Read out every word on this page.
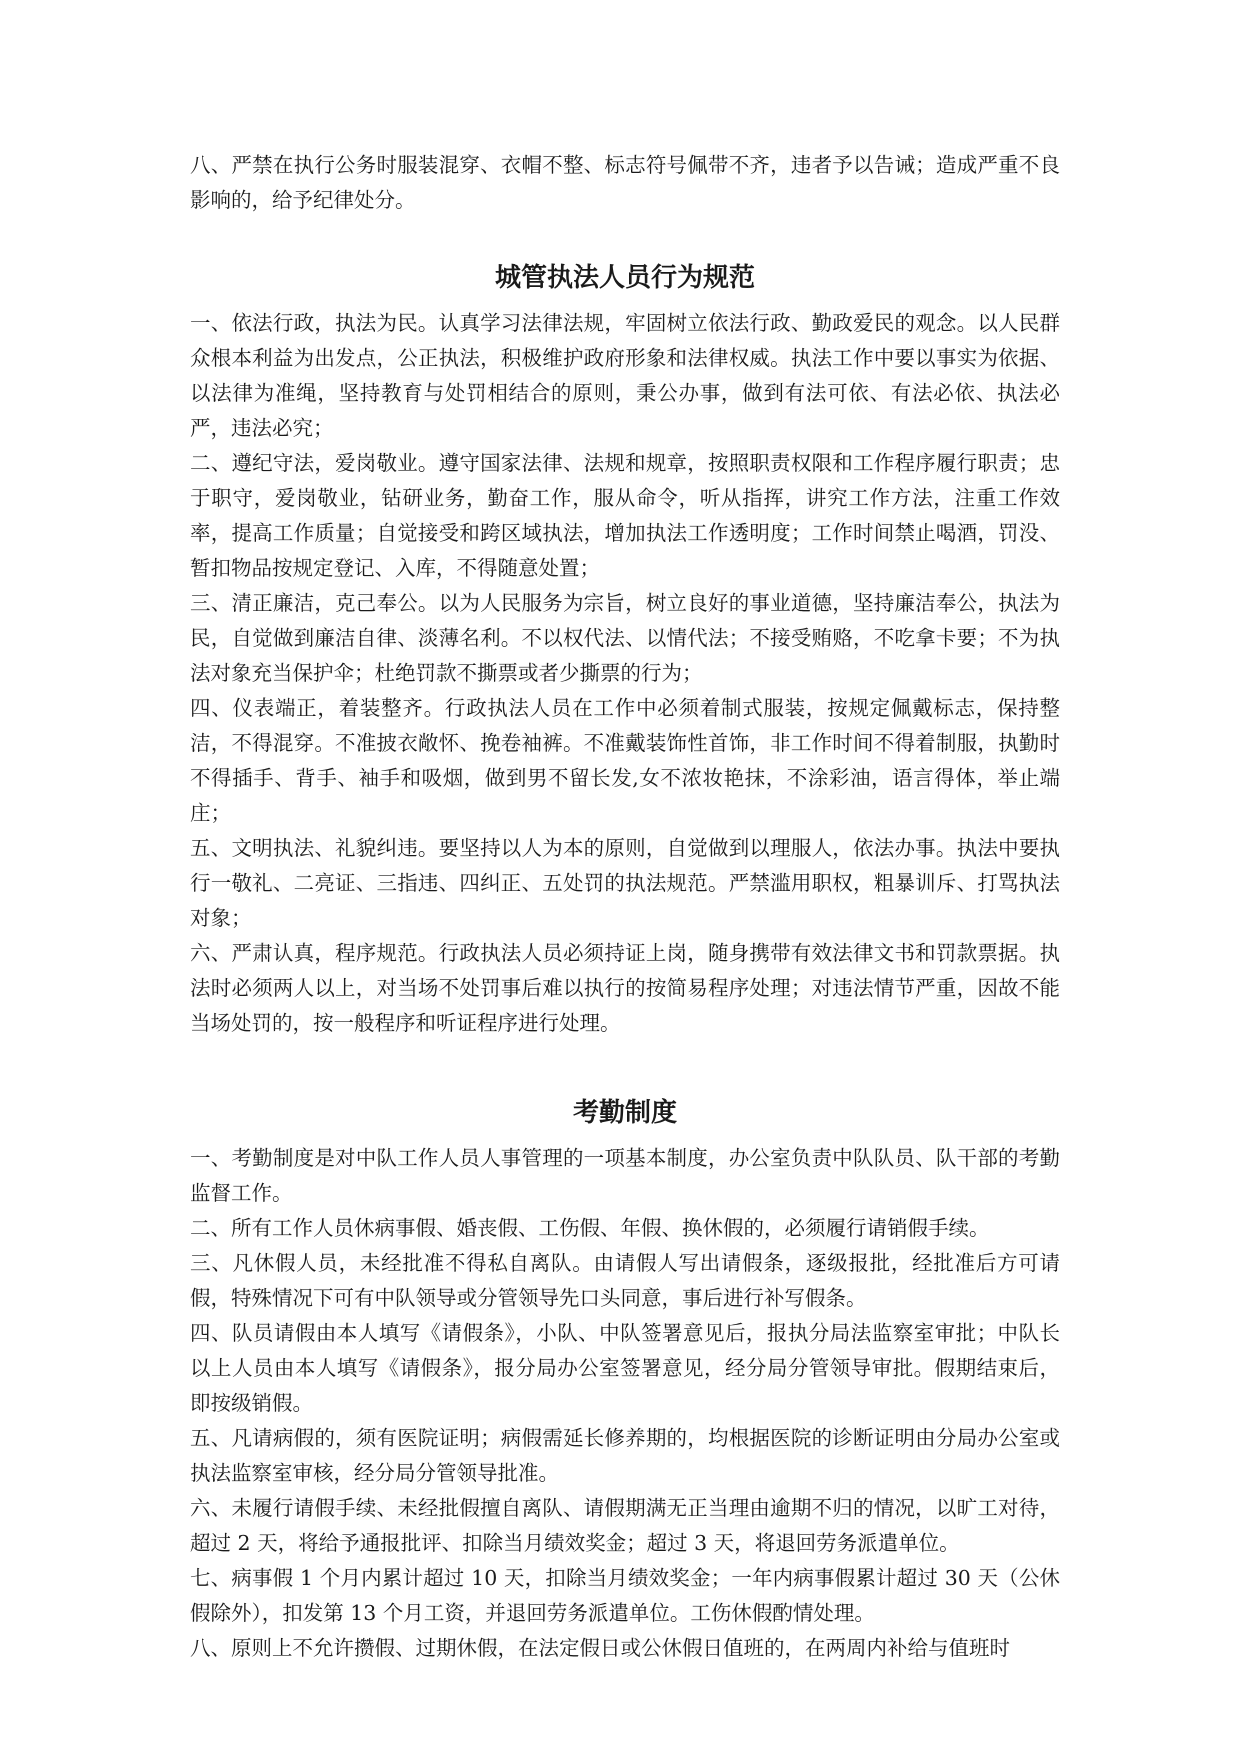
八、严禁在执行公务时服装混穿、衣帽不整、标志符号佩带不齐，违者予以告诫；造成严重不良影响的，给予纪律处分。

城管执法人员行为规范

一、依法行政，执法为民。认真学习法律法规，牢固树立依法行政、勤政爱民的观念。以人民群众根本利益为出发点，公正执法，积极维护政府形象和法律权威。执法工作中要以事实为依据、以法律为准绳，坚持教育与处罚相结合的原则，秉公办事，做到有法可依、有法必依、执法必严，违法必究；

二、遵纪守法，爱岗敬业。遵守国家法律、法规和规章，按照职责权限和工作程序履行职责；忠于职守，爱岗敬业，钻研业务，勤奋工作，服从命令，听从指挥，讲究工作方法，注重工作效率，提高工作质量；自觉接受和跨区域执法，增加执法工作透明度；工作时间禁止喝酒，罚没、暂扣物品按规定登记、入库，不得随意处置；

三、清正廉洁，克己奉公。以为人民服务为宗旨，树立良好的事业道德，坚持廉洁奉公，执法为民，自觉做到廉洁自律、淡薄名利。不以权代法、以情代法；不接受贿赂，不吃拿卡要；不为执法对象充当保护伞；杜绝罚款不撕票或者少撕票的行为；

四、仪表端正，着装整齐。行政执法人员在工作中必须着制式服装，按规定佩戴标志，保持整洁，不得混穿。不准披衣敞怀、挽卷袖裤。不准戴装饰性首饰，非工作时间不得着制服，执勤时不得插手、背手、袖手和吸烟，做到男不留长发,女不浓妆艳抹，不涂彩油，语言得体，举止端庄；

五、文明执法、礼貌纠违。要坚持以人为本的原则，自觉做到以理服人，依法办事。执法中要执行一敬礼、二亮证、三指违、四纠正、五处罚的执法规范。严禁滥用职权，粗暴训斥、打骂执法对象；

六、严肃认真，程序规范。行政执法人员必须持证上岗，随身携带有效法律文书和罚款票据。执法时必须两人以上，对当场不处罚事后难以执行的按简易程序处理；对违法情节严重，因故不能当场处罚的，按一般程序和听证程序进行处理。

考勤制度

一、考勤制度是对中队工作人员人事管理的一项基本制度，办公室负责中队队员、队干部的考勤监督工作。

二、所有工作人员休病事假、婚丧假、工伤假、年假、换休假的，必须履行请销假手续。

三、凡休假人员，未经批准不得私自离队。由请假人写出请假条，逐级报批，经批准后方可请假，特殊情况下可有中队领导或分管领导先口头同意，事后进行补写假条。

四、队员请假由本人填写《请假条》，小队、中队签署意见后，报执分局法监察室审批；中队长以上人员由本人填写《请假条》，报分局办公室签署意见，经分局分管领导审批。假期结束后，即按级销假。

五、凡请病假的，须有医院证明；病假需延长修养期的，均根据医院的诊断证明由分局办公室或执法监察室审核，经分局分管领导批准。

六、未履行请假手续、未经批假擅自离队、请假期满无正当理由逾期不归的情况，以旷工对待，超过 2 天，将给予通报批评、扣除当月绩效奖金；超过 3 天，将退回劳务派遣单位。

七、病事假 1 个月内累计超过 10 天，扣除当月绩效奖金；一年内病事假累计超过 30 天（公休假除外），扣发第 13 个月工资，并退回劳务派遣单位。工伤休假酌情处理。

八、原则上不允许攒假、过期休假，在法定假日或公休假日值班的，在两周内补给与值班时
